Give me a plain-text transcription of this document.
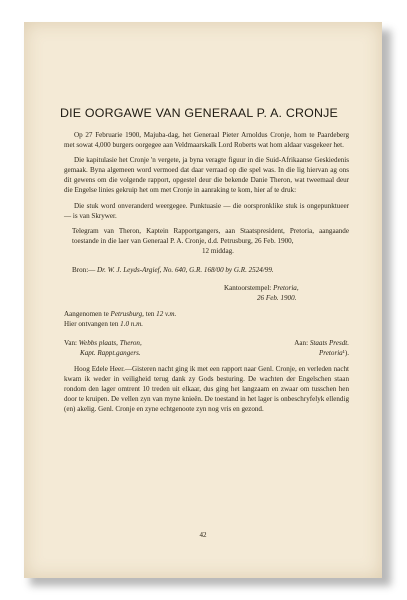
DIE OORGAWE VAN GENERAAL P. A. CRONJE

Op 27 Februarie 1900, Majuba-dag, het Generaal Pieter Arnoldus Cronje, hom te Paardeberg met sowat 4,000 burgers oorgegee aan Veldmaarskalk Lord Roberts wat hom aldaar vasgekeer het.

Die kapitulasie het Cronje 'n vergete, ja byna veragte figuur in die Suid-Afrikaanse Geskiedenis gemaak. Byna algemeen word vermoed dat daar verraad op die spel was. In die lig hiervan ag ons dit gewens om die volgende rapport, opgestel deur die bekende Danie Theron, wat tweemaal deur die Engelse linies gekruip het om met Cronje in aanraking te kom, hier af te druk:

Die stuk word onveranderd weergegee. Punktuasie — die oorspronklike stuk is ongepunktueer — is van Skrywer.

Telegram van Theron, Kaptein Rapportgangers, aan Staatspresident, Pretoria, aangaande toestande in die laer van Generaal P. A. Cronje, d.d. Petrusburg, 26 Feb. 1900,

12 middag.

Bron:— Dr. W. J. Leyds-Argief, No. 640, G.R. 168/00 by G.R. 2524/99.

Kantoorstempel: Pretoria,
26 Feb. 1900.

Aangenomen te Petrusburg, ten 12 v.m.

Hier ontvangen ten 1.0 n.m.

Van: Webbs plaats, Theron,
Kapt. Rappt.gangers.
Aan: Staats Presdt.
Pretoria¹).

Hoog Edele Heer.—Gisteren nacht ging ik met een rapport naar Genl. Cronje, en verleden nacht kwam ik weder in veiligheid terug dank zy Gods besturing. De wachten der Engelschen staan rondom den lager omtrent 10 treden uit elkaar, dus ging het langzaam en zwaar om tusschen hen door te kruipen. De vellen zyn van myne knieën. De toestand in het lager is onbeschryfelyk ellendig (en) akelig. Genl. Cronje en zyne echtgenoote zyn nog vris en gezond.

42
